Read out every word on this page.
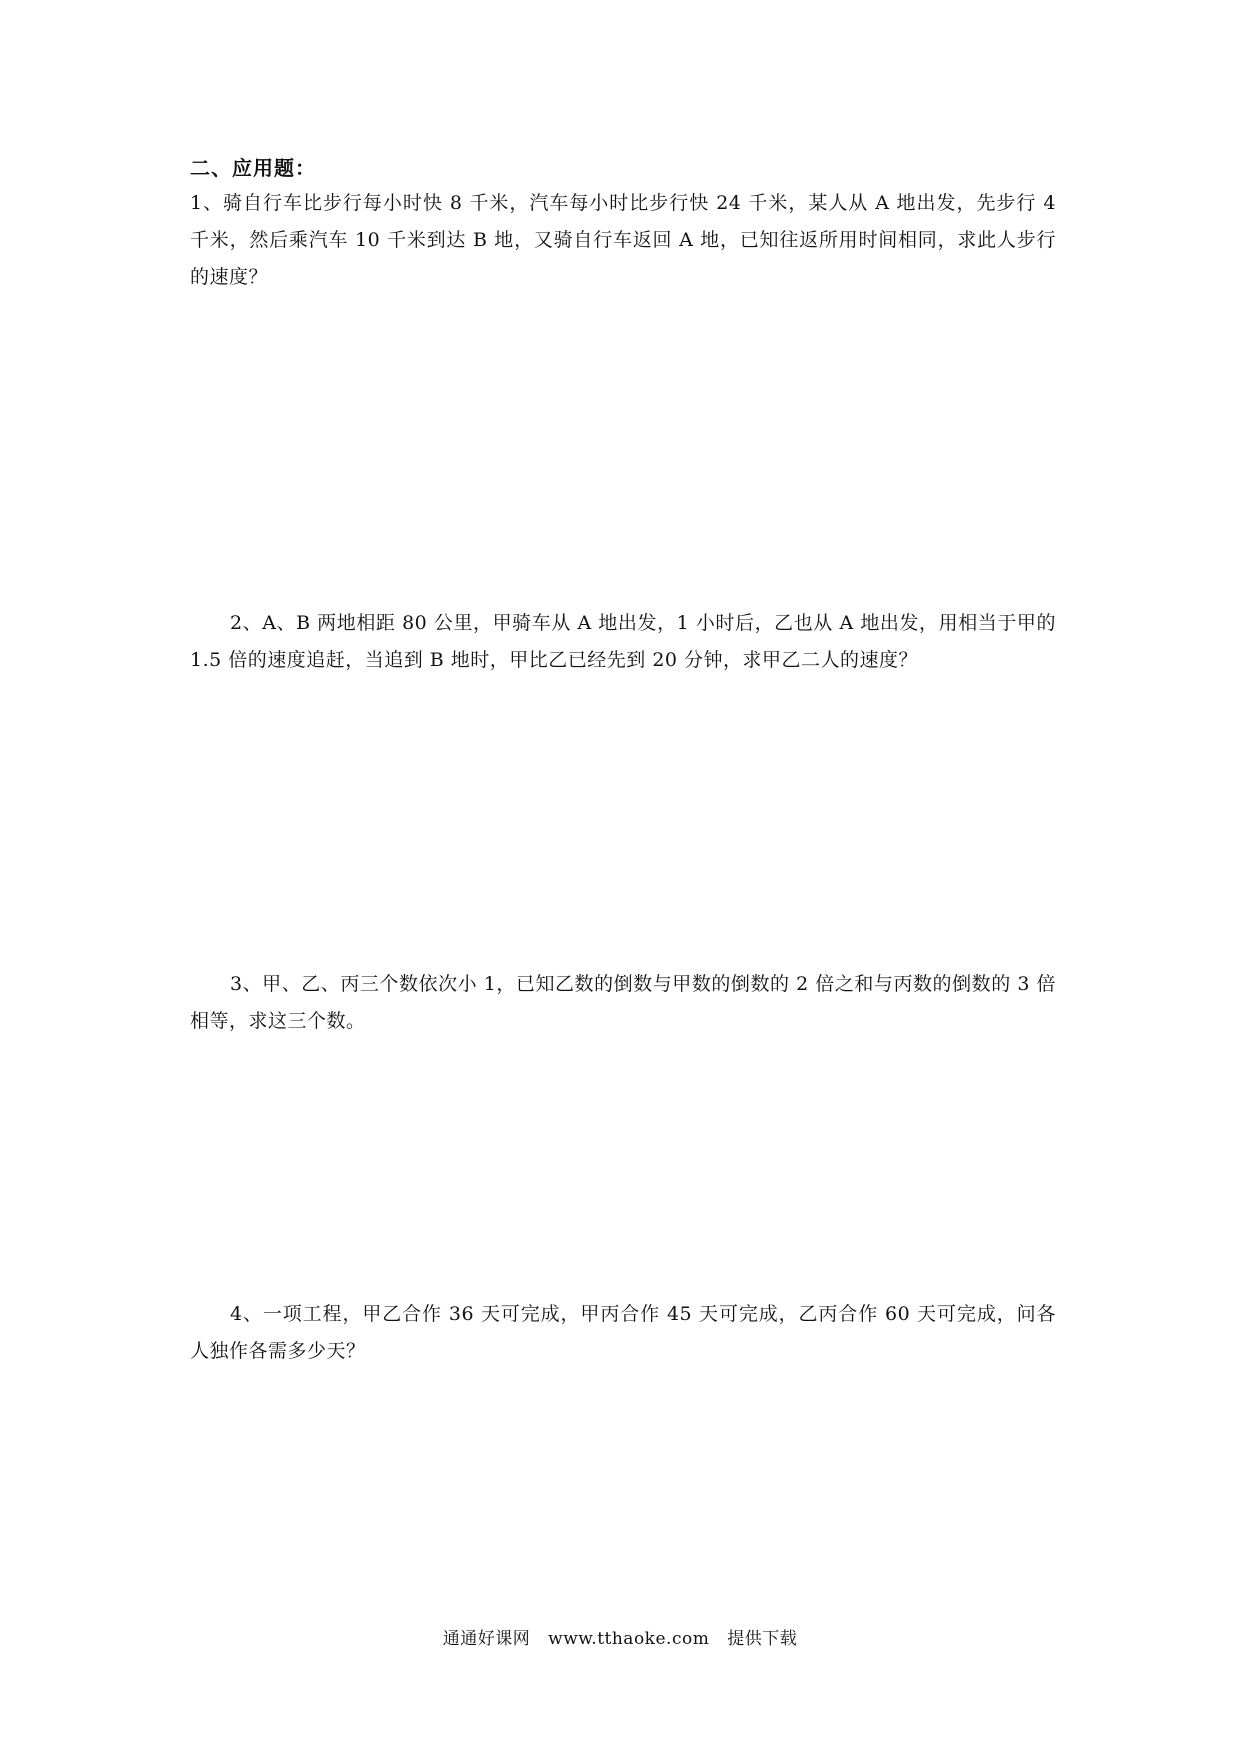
二、应用题：

1、骑自行车比步行每小时快 8 千米，汽车每小时比步行快 24 千米，某人从 A 地出发，先步行 4 千米，然后乘汽车 10 千米到达 B 地，又骑自行车返回 A 地，已知往返所用时间相同，求此人步行的速度？

2、A、B 两地相距 80 公里，甲骑车从 A 地出发，1 小时后，乙也从 A 地出发，用相当于甲的 1.5 倍的速度追赶，当追到 B 地时，甲比乙已经先到 20 分钟，求甲乙二人的速度？

3、甲、乙、丙三个数依次小 1，已知乙数的倒数与甲数的倒数的 2 倍之和与丙数的倒数的 3 倍相等，求这三个数。

4、一项工程，甲乙合作 36 天可完成，甲丙合作 45 天可完成，乙丙合作 60 天可完成，问各人独作各需多少天？

通通好课网 www.tthaoke.com 提供下载
